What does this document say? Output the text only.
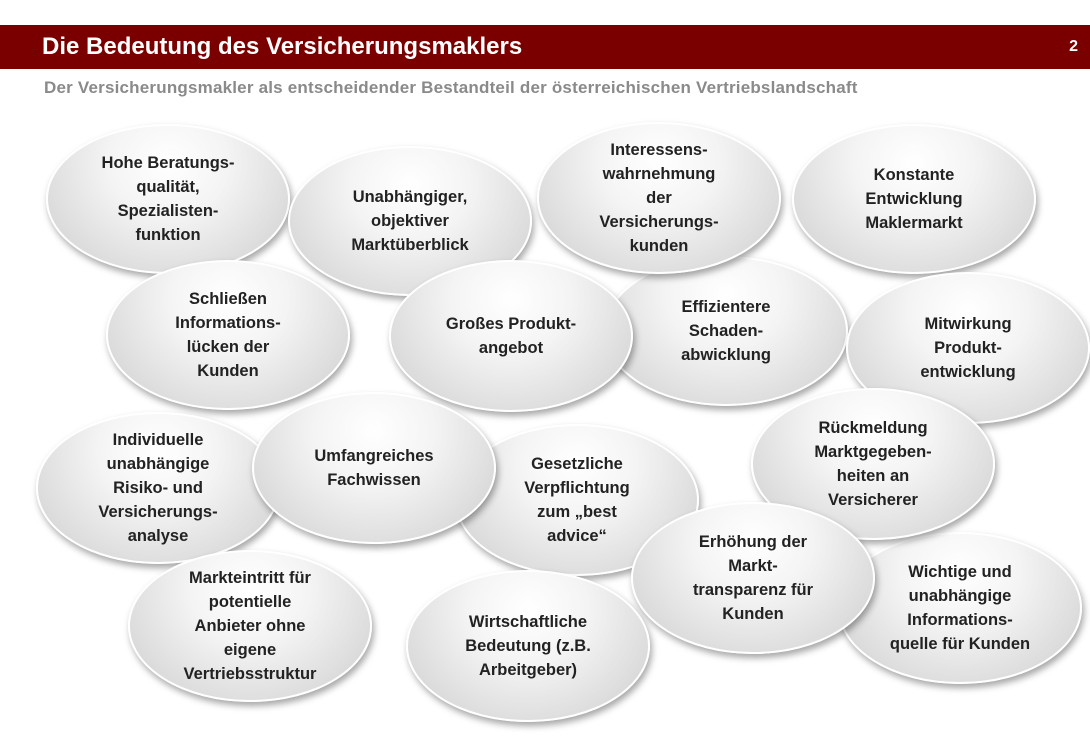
Die Bedeutung des Versicherungsmaklers	2
Der Versicherungsmakler als entscheidender Bestandteil der österreichischen Vertriebslandschaft
Hohe Beratungs-
qualität,
Spezialisten-
funktion
Unabhängiger,
objektiver
Marktüberblick
Konstante
Entwicklung
Maklermarkt
Effizientere
Schaden-
abwicklung
Interessens-
wahrnehmung
der
Versicherungs-
kunden
Mitwirkung
Produkt-
entwicklung
Schließen
Informations-
lücken der
Kunden
Großes Produkt-
angebot
Individuelle
unabhängige
Risiko- und
Versicherungs-
analyse
Gesetzliche
Verpflichtung
zum „best
advice“
Umfangreiches
Fachwissen
Wichtige und
unabhängige
Informations-
quelle für Kunden
Rückmeldung
Marktgegeben-
heiten an
Versicherer
Erhöhung der
Markt-
transparenz für
Kunden
Markteintritt für
potentielle
Anbieter ohne
eigene
Vertriebsstruktur
Wirtschaftliche
Bedeutung (z.B.
Arbeitgeber)
